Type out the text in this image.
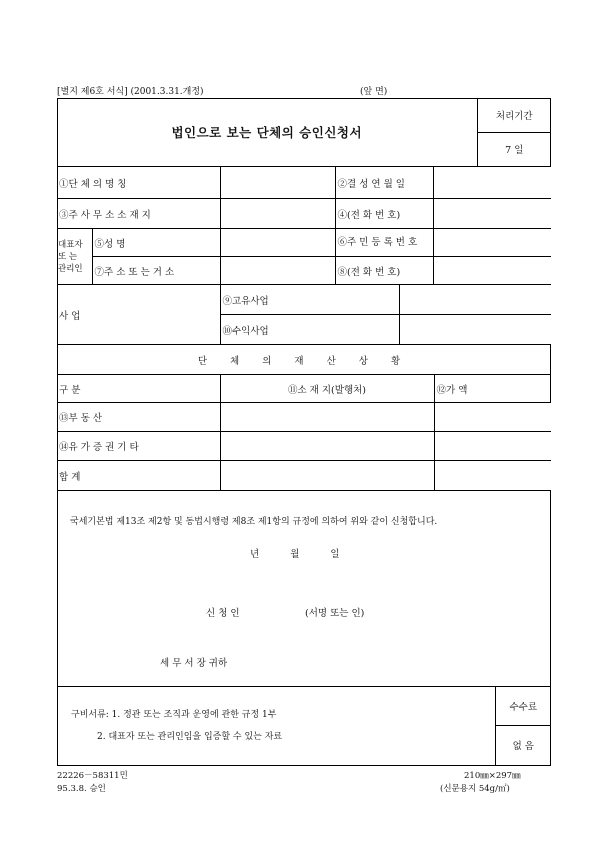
[별지 제6호 서식] (2001.3.31.개정)	(앞 면)
법인으로 보는 단체의 승인신청서	처리기간
7 일
①단 체 의 명 칭			②결 성 연 월 일		
③주 사 무 소 소 재 지			④(전 화 번 호)		

대표자
또 는
관리인	⑤성 명		⑥주 민 등 록 번 호		
	⑦주 소 또 는 거 소		⑧(전 화 번 호)		
사 업		⑨고유사업			
		⑩수익사업			
단 체 의 재 산 상 황		
구 분	⑪소 재 지(발행처)	⑫가 액
⑬부 동 산		
⑭유 가 증 권 기 타		
합 계		
국세기본법 제13조 제2항 및 동법시행령 제8조 제1항의 규정에 의하여 위와 같이 신청합니다.
년 월 일
신 청 인	(서명 또는 인)
세 무 서 장 귀하
구비서류: 1. 정관 또는 조직과 운영에 관한 규정 1부
2. 대표자 또는 관리인임을 입증할 수 있는 자료
	수수료
없 음
22226－58311민
95.3.8. 승인
210㎜×297㎜
(신문용지 54g/㎡)
